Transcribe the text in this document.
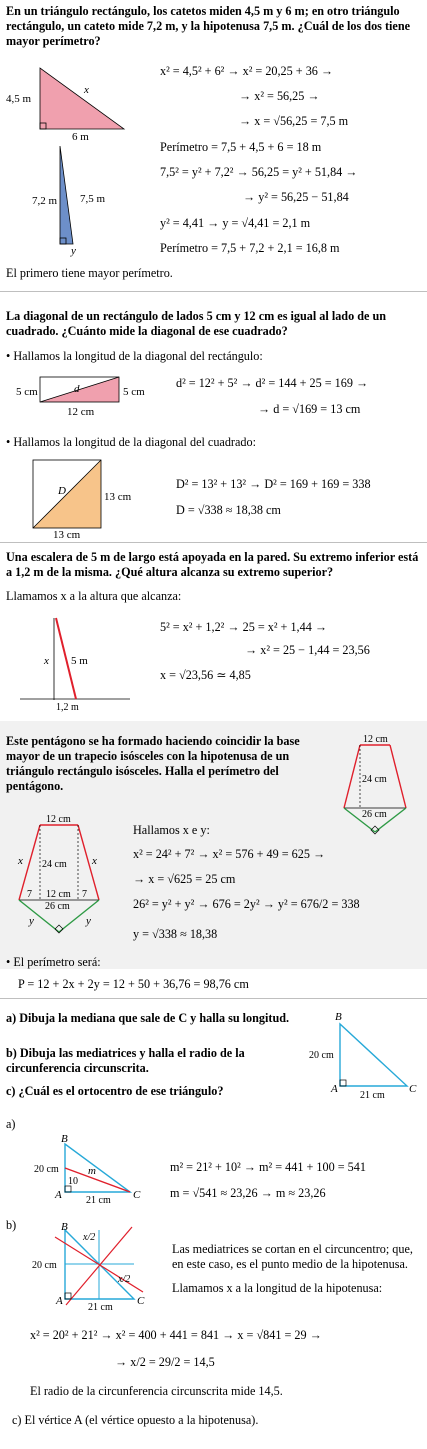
En un triángulo rectángulo, los catetos miden 4,5 m y 6 m; en otro triángulo rectángulo, un cateto mide 7,2 m, y la hipotenusa 7,5 m. ¿Cuál de los dos tiene mayor perímetro?

4,5 m
6 m
x
7,2 m 7,5 m
y
x² = 4,5² + 6² → x² = 20,25 + 36 →
→ x² = 56,25 →
→ x = √56,25 = 7,5 m
Perímetro = 7,5 + 4,5 + 6 = 18 m
7,5² = y² + 7,2² → 56,25 = y² + 51,84 →
→ y² = 56,25 − 51,84
y² = 4,41 → y = √4,41 = 2,1 m
Perímetro = 7,5 + 7,2 + 2,1 = 16,8 m

El primero tiene mayor perímetro.

La diagonal de un rectángulo de lados 5 cm y 12 cm es igual al lado de un cuadrado. ¿Cuánto mide la diagonal de ese cuadrado?

• Hallamos la longitud de la diagonal del rectángulo:

5 cm	5 cm
12 cm
d	d² = 12² + 5² → d² = 144 + 25 = 169 →
→ d = √169 = 13 cm

• Hallamos la longitud de la diagonal del cuadrado:

13 cm
13 cm
D	D² = 13² + 13² → D² = 169 + 169 = 338
D = √338 ≈ 18,38 cm

Una escalera de 5 m de largo está apoyada en la pared. Su extremo inferior está a 1,2 m de la misma. ¿Qué altura alcanza su extremo superior?

Llamamos x a la altura que alcanza:

x 5 m
1,2 m
5² = x² + 1,2² → 25 = x² + 1,44 →
→ x² = 25 − 1,44 = 23,56
x = √23,56 ≃ 4,85

Este pentágono se ha formado haciendo coincidir la base mayor de un trapecio isósceles con la hipotenusa de un triángulo rectángulo isósceles. Halla el perímetro del pentágono.

12 cm
24 cm
26 cm
12 cm
24 cm
x	x
7	7
12 cm
26 cm
y	y

Hallamos x e y:

x² = 24² + 7² → x² = 576 + 49 = 625 →
→ x = √625 = 25 cm
26² = y² + y² → 676 = 2y² → y² = 676/2 = 338
y = √338 ≈ 18,38

• El perímetro será:

P = 12 + 2x + 2y = 12 + 50 + 36,76 = 98,76 cm

a) Dibuja la mediana que sale de C y halla su longitud.

b) Dibuja las mediatrices y halla el radio de la circunferencia circunscrita.

c) ¿Cuál es el ortocentro de ese triángulo?

B
A	C
20 cm
21 cm

a)

B
A	C
20 cm
10
m
21 cm
m² = 21² + 10² → m² = 441 + 100 = 541
m = √541 ≈ 23,26 → m ≈ 23,26

b)	B
A	C
20 cm
21 cm
x/2
x/2

Las mediatrices se cortan en el circuncentro; que, en este caso, es el punto medio de la hipotenusa.

Llamamos x a la longitud de la hipotenusa:

x² = 20² + 21² → x² = 400 + 441 = 841 → x = √841 = 29 →
→ x/2 = 29/2 = 14,5

El radio de la circunferencia circunscrita mide 14,5.

c) El vértice A (el vértice opuesto a la hipotenusa).
